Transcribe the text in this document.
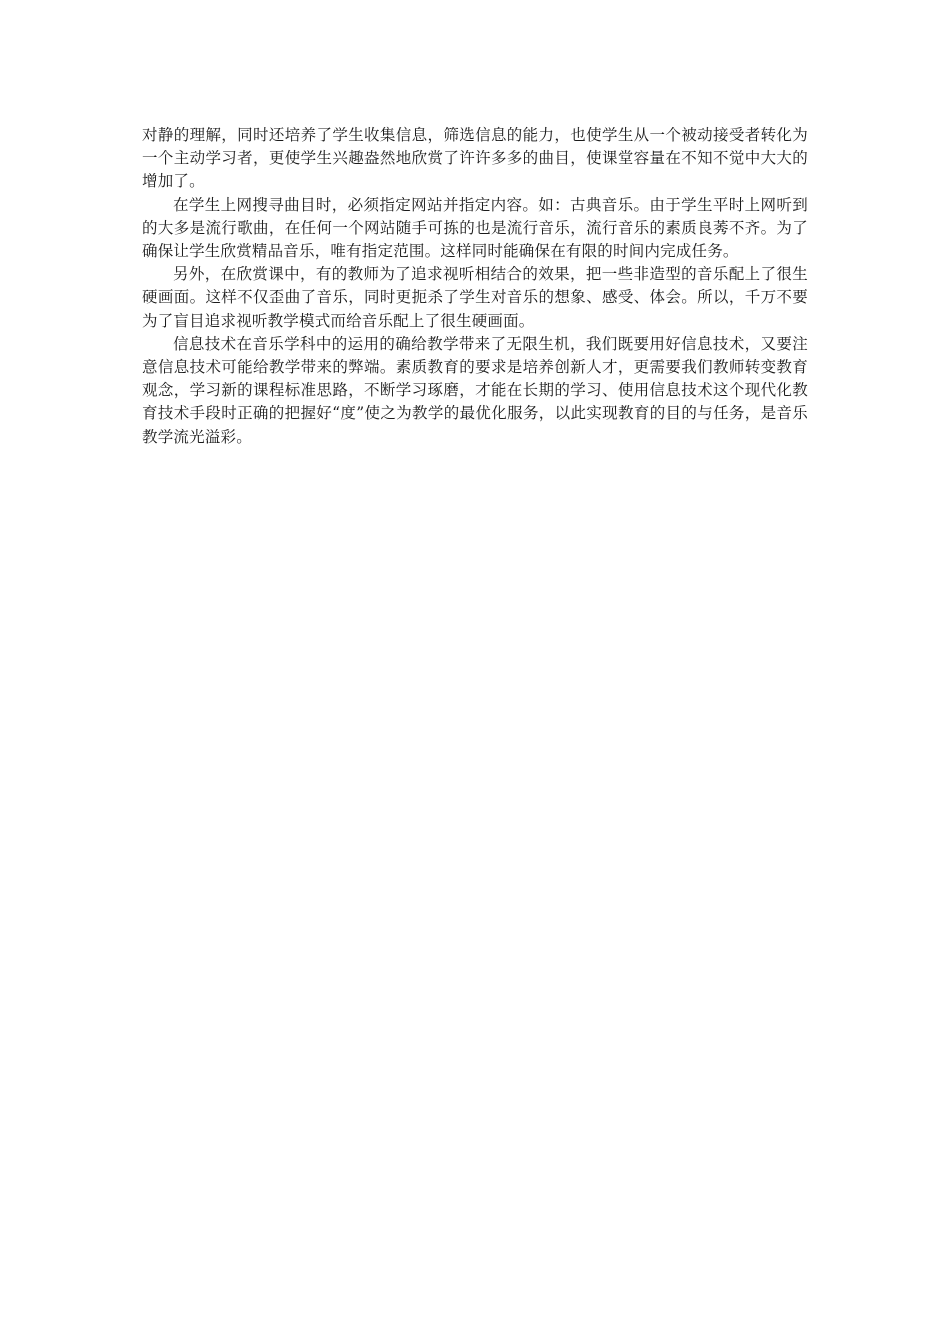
对静的理解，同时还培养了学生收集信息，筛选信息的能力，也使学生从一个被动接受者转化为一个主动学习者，更使学生兴趣盎然地欣赏了许许多多的曲目，使课堂容量在不知不觉中大大的增加了。

在学生上网搜寻曲目时，必须指定网站并指定内容。如：古典音乐。由于学生平时上网听到的大多是流行歌曲，在任何一个网站随手可拣的也是流行音乐，流行音乐的素质良莠不齐。为了确保让学生欣赏精品音乐，唯有指定范围。这样同时能确保在有限的时间内完成任务。

另外，在欣赏课中，有的教师为了追求视听相结合的效果，把一些非造型的音乐配上了很生硬画面。这样不仅歪曲了音乐，同时更扼杀了学生对音乐的想象、感受、体会。所以，千万不要为了盲目追求视听教学模式而给音乐配上了很生硬画面。

信息技术在音乐学科中的运用的确给教学带来了无限生机，我们既要用好信息技术，又要注意信息技术可能给教学带来的弊端。素质教育的要求是培养创新人才，更需要我们教师转变教育观念，学习新的课程标准思路，不断学习琢磨，才能在长期的学习、使用信息技术这个现代化教育技术手段时正确的把握好“度”使之为教学的最优化服务，以此实现教育的目的与任务，是音乐教学流光溢彩。
